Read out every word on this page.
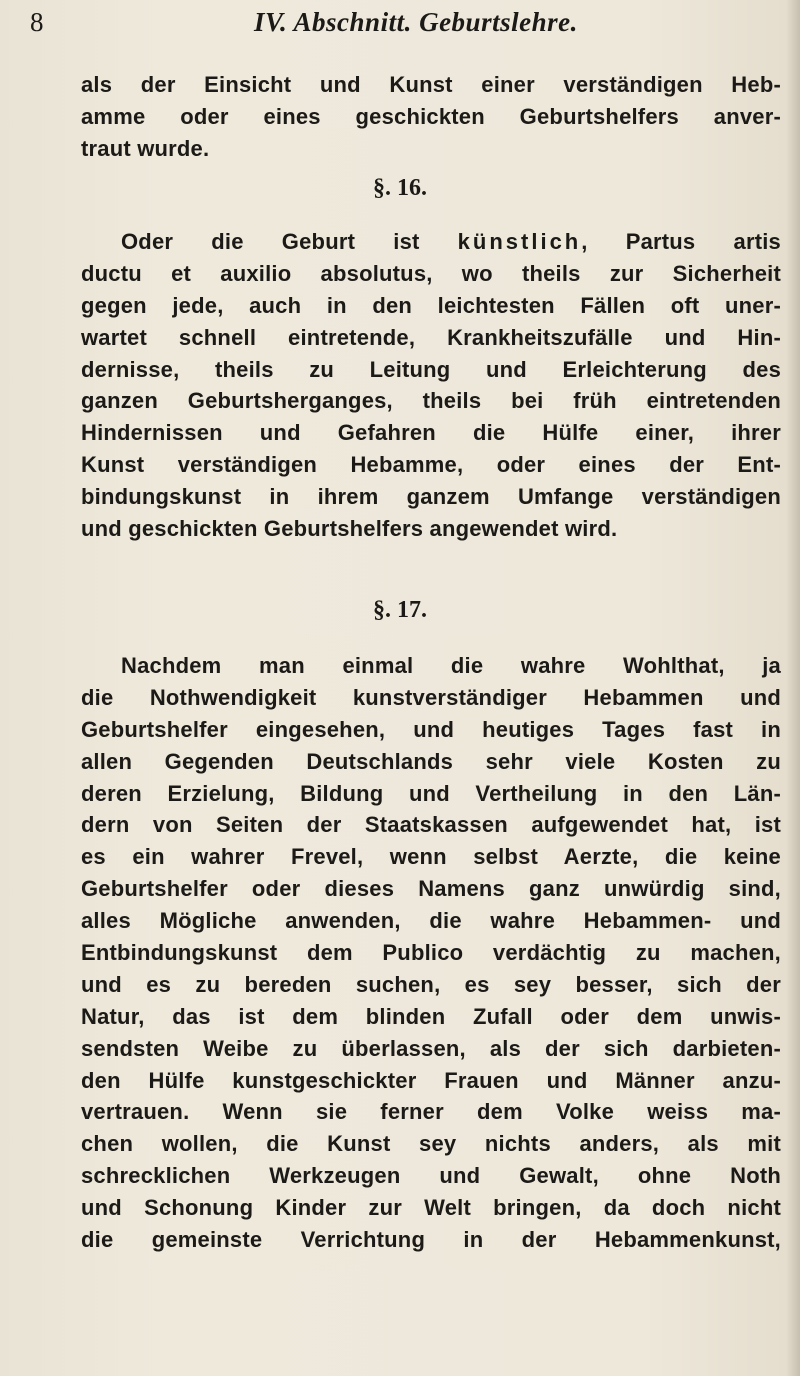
8	IV. Abschnitt. Geburtslehre.
als der Einsicht und Kunst einer verständigen Heb-
amme oder eines geschickten Geburtshelfers anver-
traut wurde.
§. 16.
Oder die Geburt ist künstlich, Partus artis
ductu et auxilio absolutus, wo theils zur Sicherheit
gegen jede, auch in den leichtesten Fällen oft uner-
wartet schnell eintretende, Krankheitszufälle und Hin-
dernisse, theils zu Leitung und Erleichterung des
ganzen Geburtsherganges, theils bei früh eintretenden
Hindernissen und Gefahren die Hülfe einer, ihrer
Kunst verständigen Hebamme, oder eines der Ent-
bindungskunst in ihrem ganzem Umfange verständigen
und geschickten Geburtshelfers angewendet wird.
§. 17.
Nachdem man einmal die wahre Wohlthat, ja
die Nothwendigkeit kunstverständiger Hebammen und
Geburtshelfer eingesehen, und heutiges Tages fast in
allen Gegenden Deutschlands sehr viele Kosten zu
deren Erzielung, Bildung und Vertheilung in den Län-
dern von Seiten der Staatskassen aufgewendet hat, ist
es ein wahrer Frevel, wenn selbst Aerzte, die keine
Geburtshelfer oder dieses Namens ganz unwürdig sind,
alles Mögliche anwenden, die wahre Hebammen- und
Entbindungskunst dem Publico verdächtig zu machen,
und es zu bereden suchen, es sey besser, sich der
Natur, das ist dem blinden Zufall oder dem unwis-
sendsten Weibe zu überlassen, als der sich darbieten-
den Hülfe kunstgeschickter Frauen und Männer anzu-
vertrauen. Wenn sie ferner dem Volke weiss ma-
chen wollen, die Kunst sey nichts anders, als mit
schrecklichen Werkzeugen und Gewalt, ohne Noth
und Schonung Kinder zur Welt bringen, da doch nicht
die gemeinste Verrichtung in der Hebammenkunst,
